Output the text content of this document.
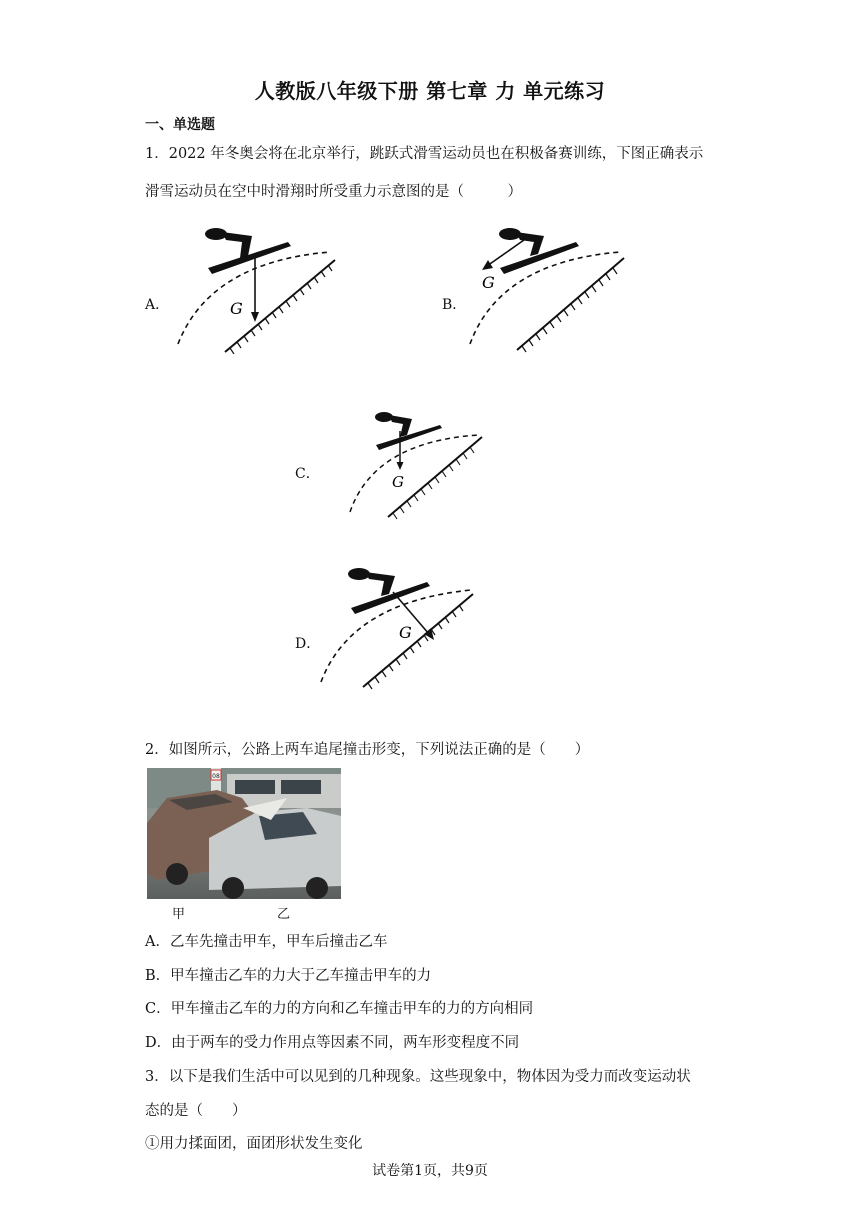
人教版八年级下册 第七章 力 单元练习
一、单选题
1．2022 年冬奥会将在北京举行，跳跃式滑雪运动员也在积极备赛训练，下图正确表示
滑雪运动员在空中时滑翔时所受重力示意图的是（　　　）
A．	G	B．
G
C．	G
D．
G
2．如图所示，公路上两车追尾撞击形变，下列说法正确的是（　　）
08
甲	乙
A．乙车先撞击甲车，甲车后撞击乙车
B．甲车撞击乙车的力大于乙车撞击甲车的力
C．甲车撞击乙车的力的方向和乙车撞击甲车的力的方向相同
D．由于两车的受力作用点等因素不同，两车形变程度不同
3．以下是我们生活中可以见到的几种现象。这些现象中，物体因为受力而改变运动状
态的是（　　）
①用力揉面团，面团形状发生变化
试卷第1页，共9页
